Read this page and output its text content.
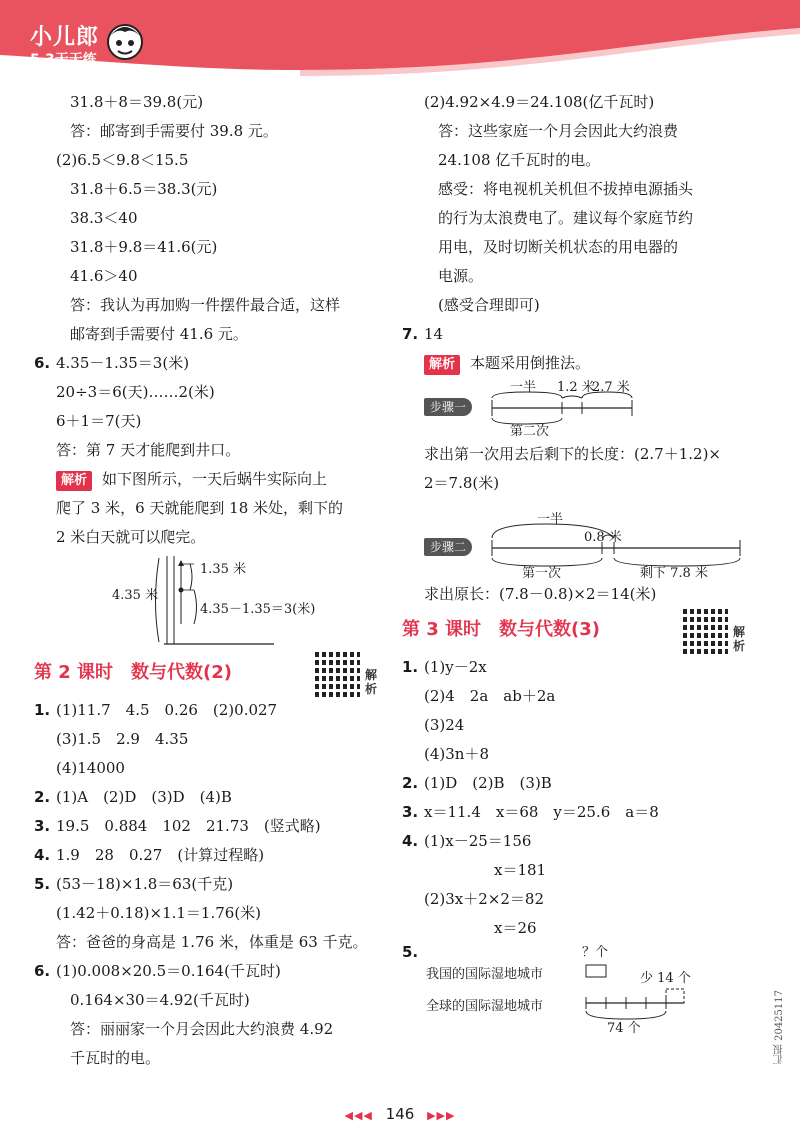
小儿郎
5·3天天练
31.8＋8＝39.8(元)
答：邮寄到手需要付 39.8 元。
(2)6.5＜9.8＜15.5
31.8＋6.5＝38.3(元)
38.3＜40
31.8＋9.8＝41.6(元)
41.6＞40
答：我认为再加购一件摆件最合适，这样
邮寄到手需要付 41.6 元。
6. 4.35－1.35＝3(米)
20÷3＝6(天)……2(米)
6＋1＝7(天)
答：第 7 天才能爬到井口。
解析 如下图所示，一天后蜗牛实际向上
爬了 3 米，6 天就能爬到 18 米处，剩下的
2 米白天就可以爬完。
4.35 米
1.35 米
4.35－1.35＝3(米)
第 2 课时　数与代数(2)	解析
1. (1)11.7　4.5　0.26　(2)0.027
(3)1.5　2.9　4.35
(4)14000
2. (1)A　(2)D　(3)D　(4)B
3. 19.5　0.884　102　21.73　(竖式略)
4. 1.9　28　0.27　(计算过程略)
5. (53－18)×1.8＝63(千克)
(1.42＋0.18)×1.1＝1.76(米)
答：爸爸的身高是 1.76 米，体重是 63 千克。
6. (1)0.008×20.5＝0.164(千瓦时)
0.164×30＝4.92(千瓦时)
答：丽丽家一个月会因此大约浪费 4.92
千瓦时的电。
(2)4.92×4.9＝24.108(亿千瓦时)
答：这些家庭一个月会因此大约浪费
24.108 亿千瓦时的电。
感受：将电视机关机但不拔掉电源插头
的行为太浪费电了。建议每个家庭节约
用电，及时切断关机状态的用电器的
电源。
(感受合理即可)
7. 14
解析 本题采用倒推法。
步骤一
一半 1.2 米
2.7 米
第二次
求出第一次用去后剩下的长度：(2.7＋1.2)×
2＝7.8(米)
步骤二
一半
0.8 米
第一次	剩下 7.8 米
求出原长：(7.8－0.8)×2＝14(米)
第 3 课时　数与代数(3)	解析
1. (1)y－2x
(2)4　2a　ab＋2a
(3)24
(4)3n＋8
2. (1)D　(2)B　(3)B
3. x＝11.4　x＝68　y＝25.6　a＝8
4. (1)x－25＝156
x＝181
(2)3x＋2×2＝82
x＝26
5.
我国的国际湿地城市
全球的国际湿地城市
？个
少 14 个
74 个	汇报 20425117
◀◀◀ 146 ▶▶▶
